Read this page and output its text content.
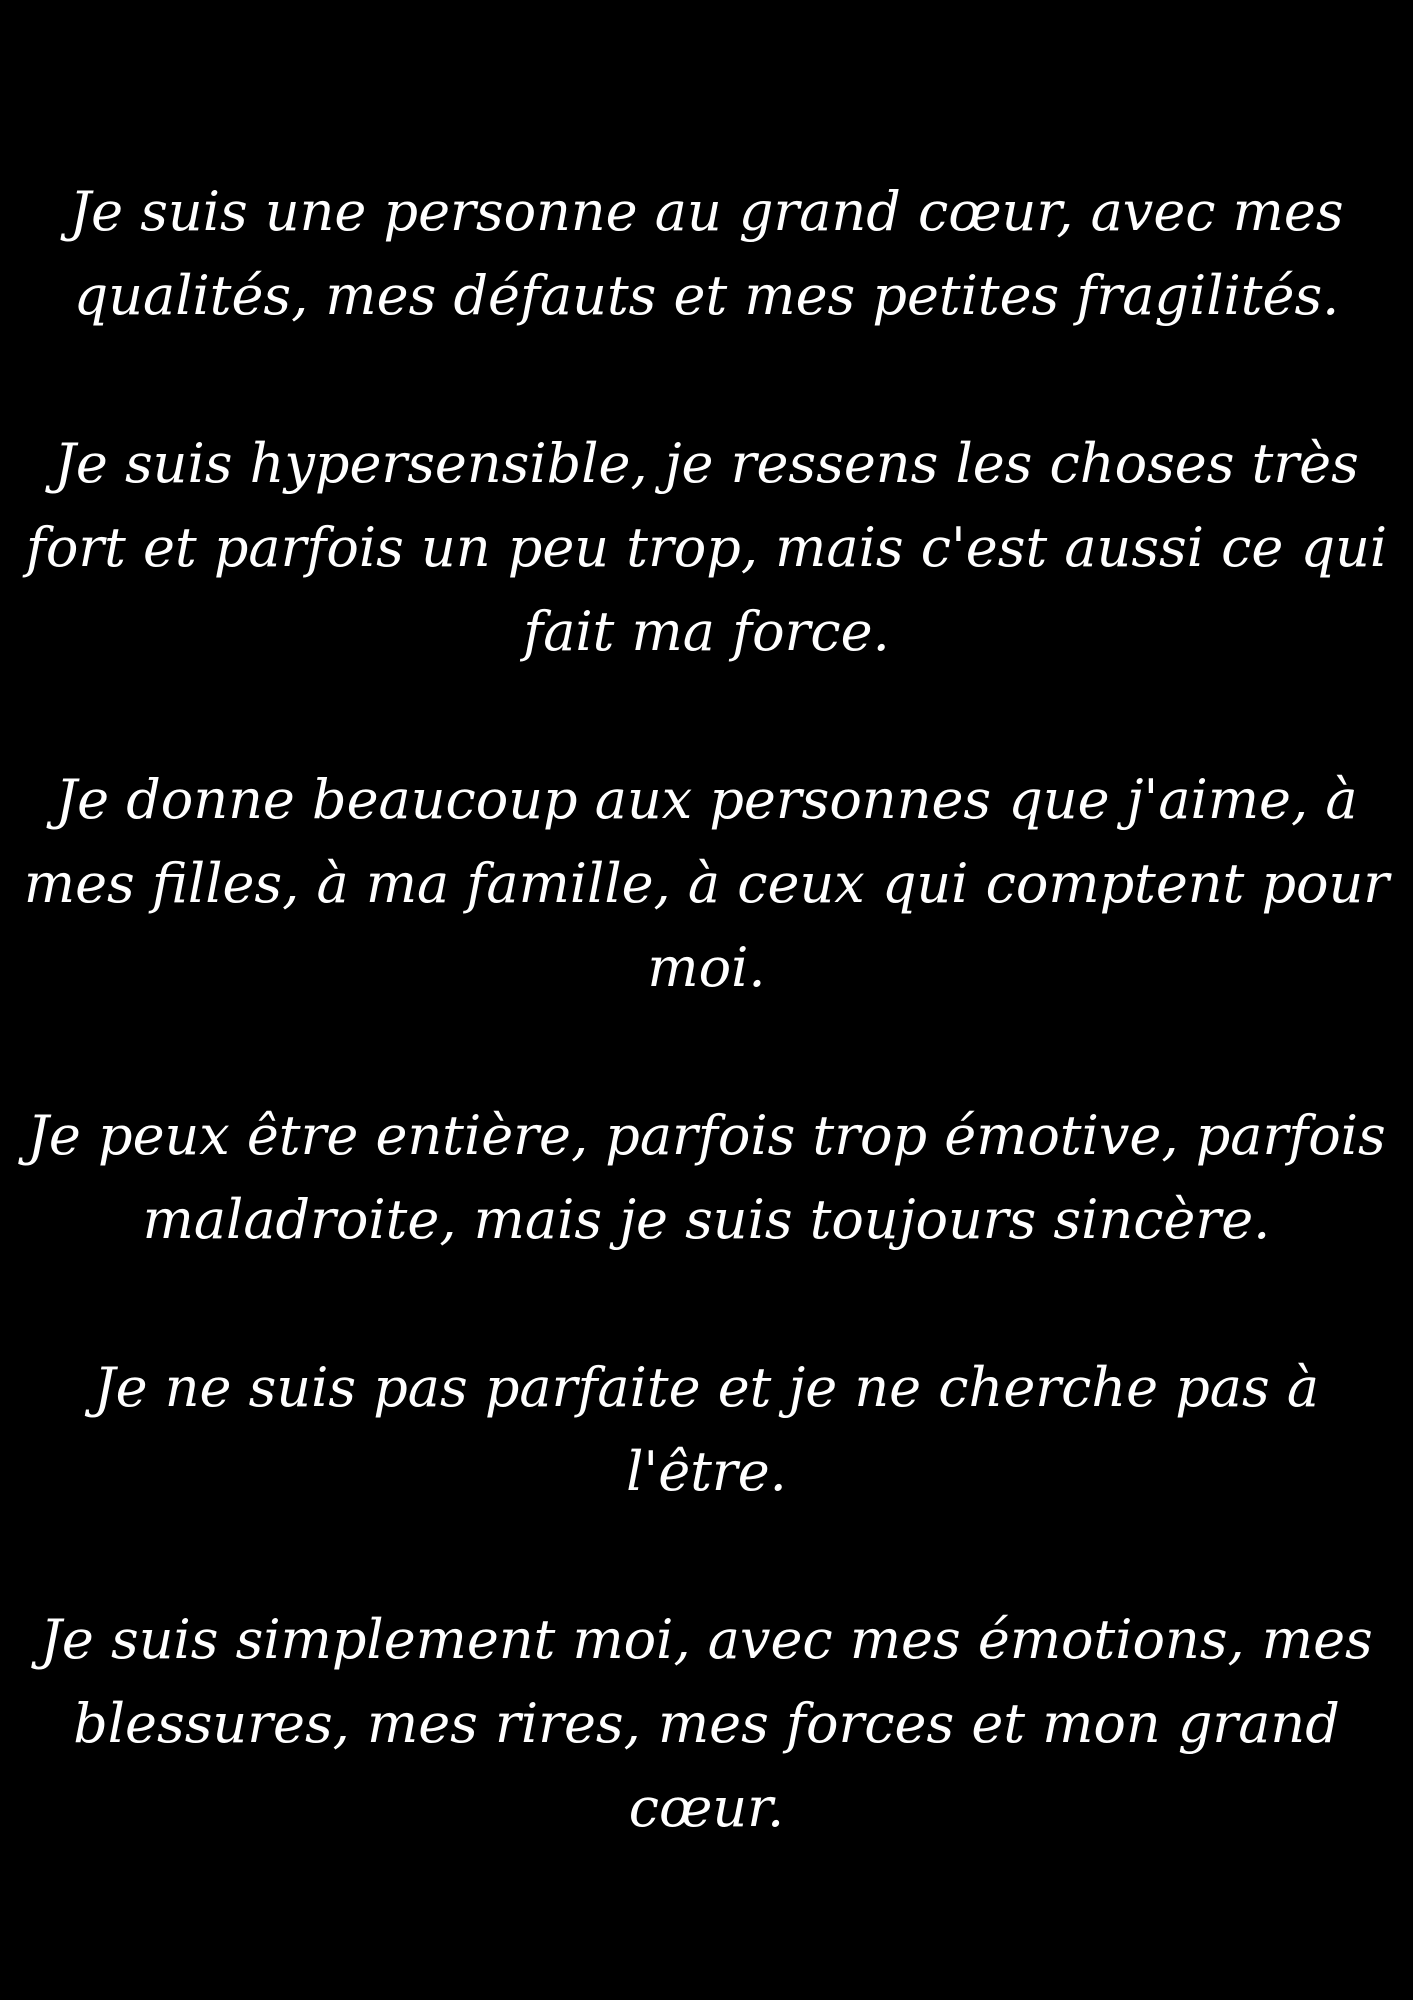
Je suis une personne au grand cœur, avec mes qualités, mes défauts et mes petites fragilités.

Je suis hypersensible, je ressens les choses très fort et parfois un peu trop, mais c'est aussi ce qui fait ma force.

Je donne beaucoup aux personnes que j'aime, à mes filles, à ma famille, à ceux qui comptent pour moi.

Je peux être entière, parfois trop émotive, parfois maladroite, mais je suis toujours sincère.

Je ne suis pas parfaite et je ne cherche pas à l'être.

Je suis simplement moi, avec mes émotions, mes blessures, mes rires, mes forces et mon grand cœur.
